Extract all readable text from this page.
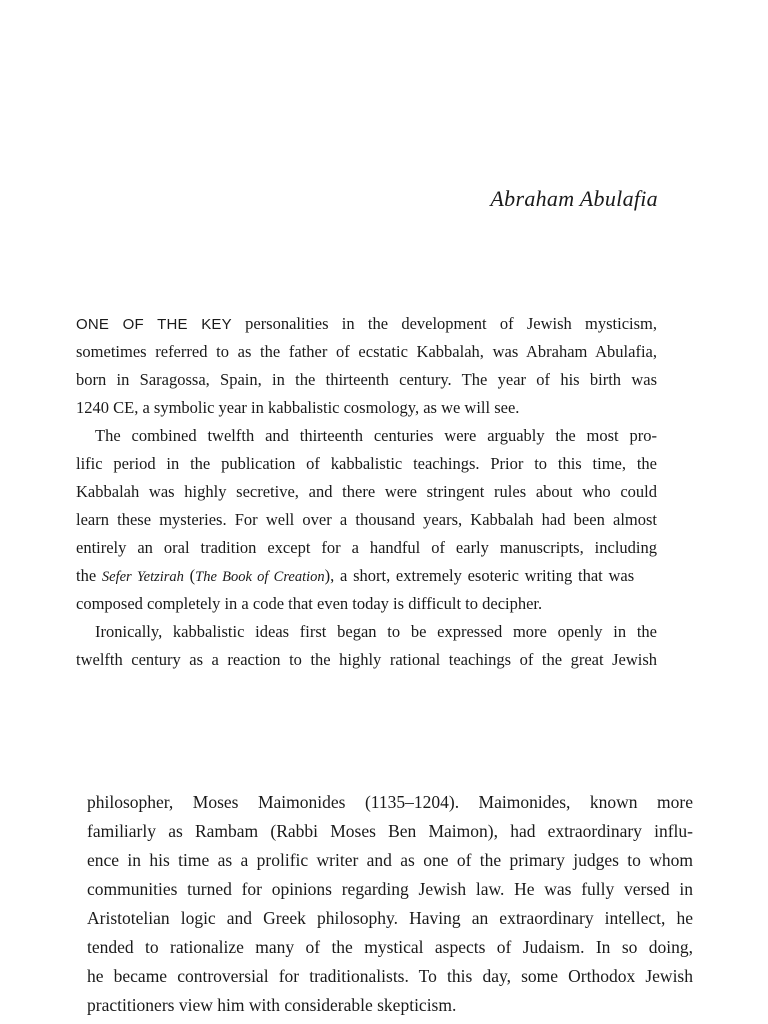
Abraham Abulafia
ONE OF THE KEY personalities in the development of Jewish mysticism,
sometimes referred to as the father of ecstatic Kabbalah, was Abraham Abulafia,
born in Saragossa, Spain, in the thirteenth century. The year of his birth was
1240 CE, a symbolic year in kabbalistic cosmology, as we will see.
The combined twelfth and thirteenth centuries were arguably the most pro-
lific period in the publication of kabbalistic teachings. Prior to this time, the
Kabbalah was highly secretive, and there were stringent rules about who could
learn these mysteries. For well over a thousand years, Kabbalah had been almost
entirely an oral tradition except for a handful of early manuscripts, including
the Sefer Yetzirah (The Book of Creation), a short, extremely esoteric writing that was
composed completely in a code that even today is difficult to decipher.
Ironically, kabbalistic ideas first began to be expressed more openly in the
twelfth century as a reaction to the highly rational teachings of the great Jewish
philosopher, Moses Maimonides (1135–1204). Maimonides, known more
familiarly as Rambam (Rabbi Moses Ben Maimon), had extraordinary influ-
ence in his time as a prolific writer and as one of the primary judges to whom
communities turned for opinions regarding Jewish law. He was fully versed in
Aristotelian logic and Greek philosophy. Having an extraordinary intellect, he
tended to rationalize many of the mystical aspects of Judaism. In so doing,
he became controversial for traditionalists. To this day, some Orthodox Jewish
practitioners view him with considerable skepticism.
